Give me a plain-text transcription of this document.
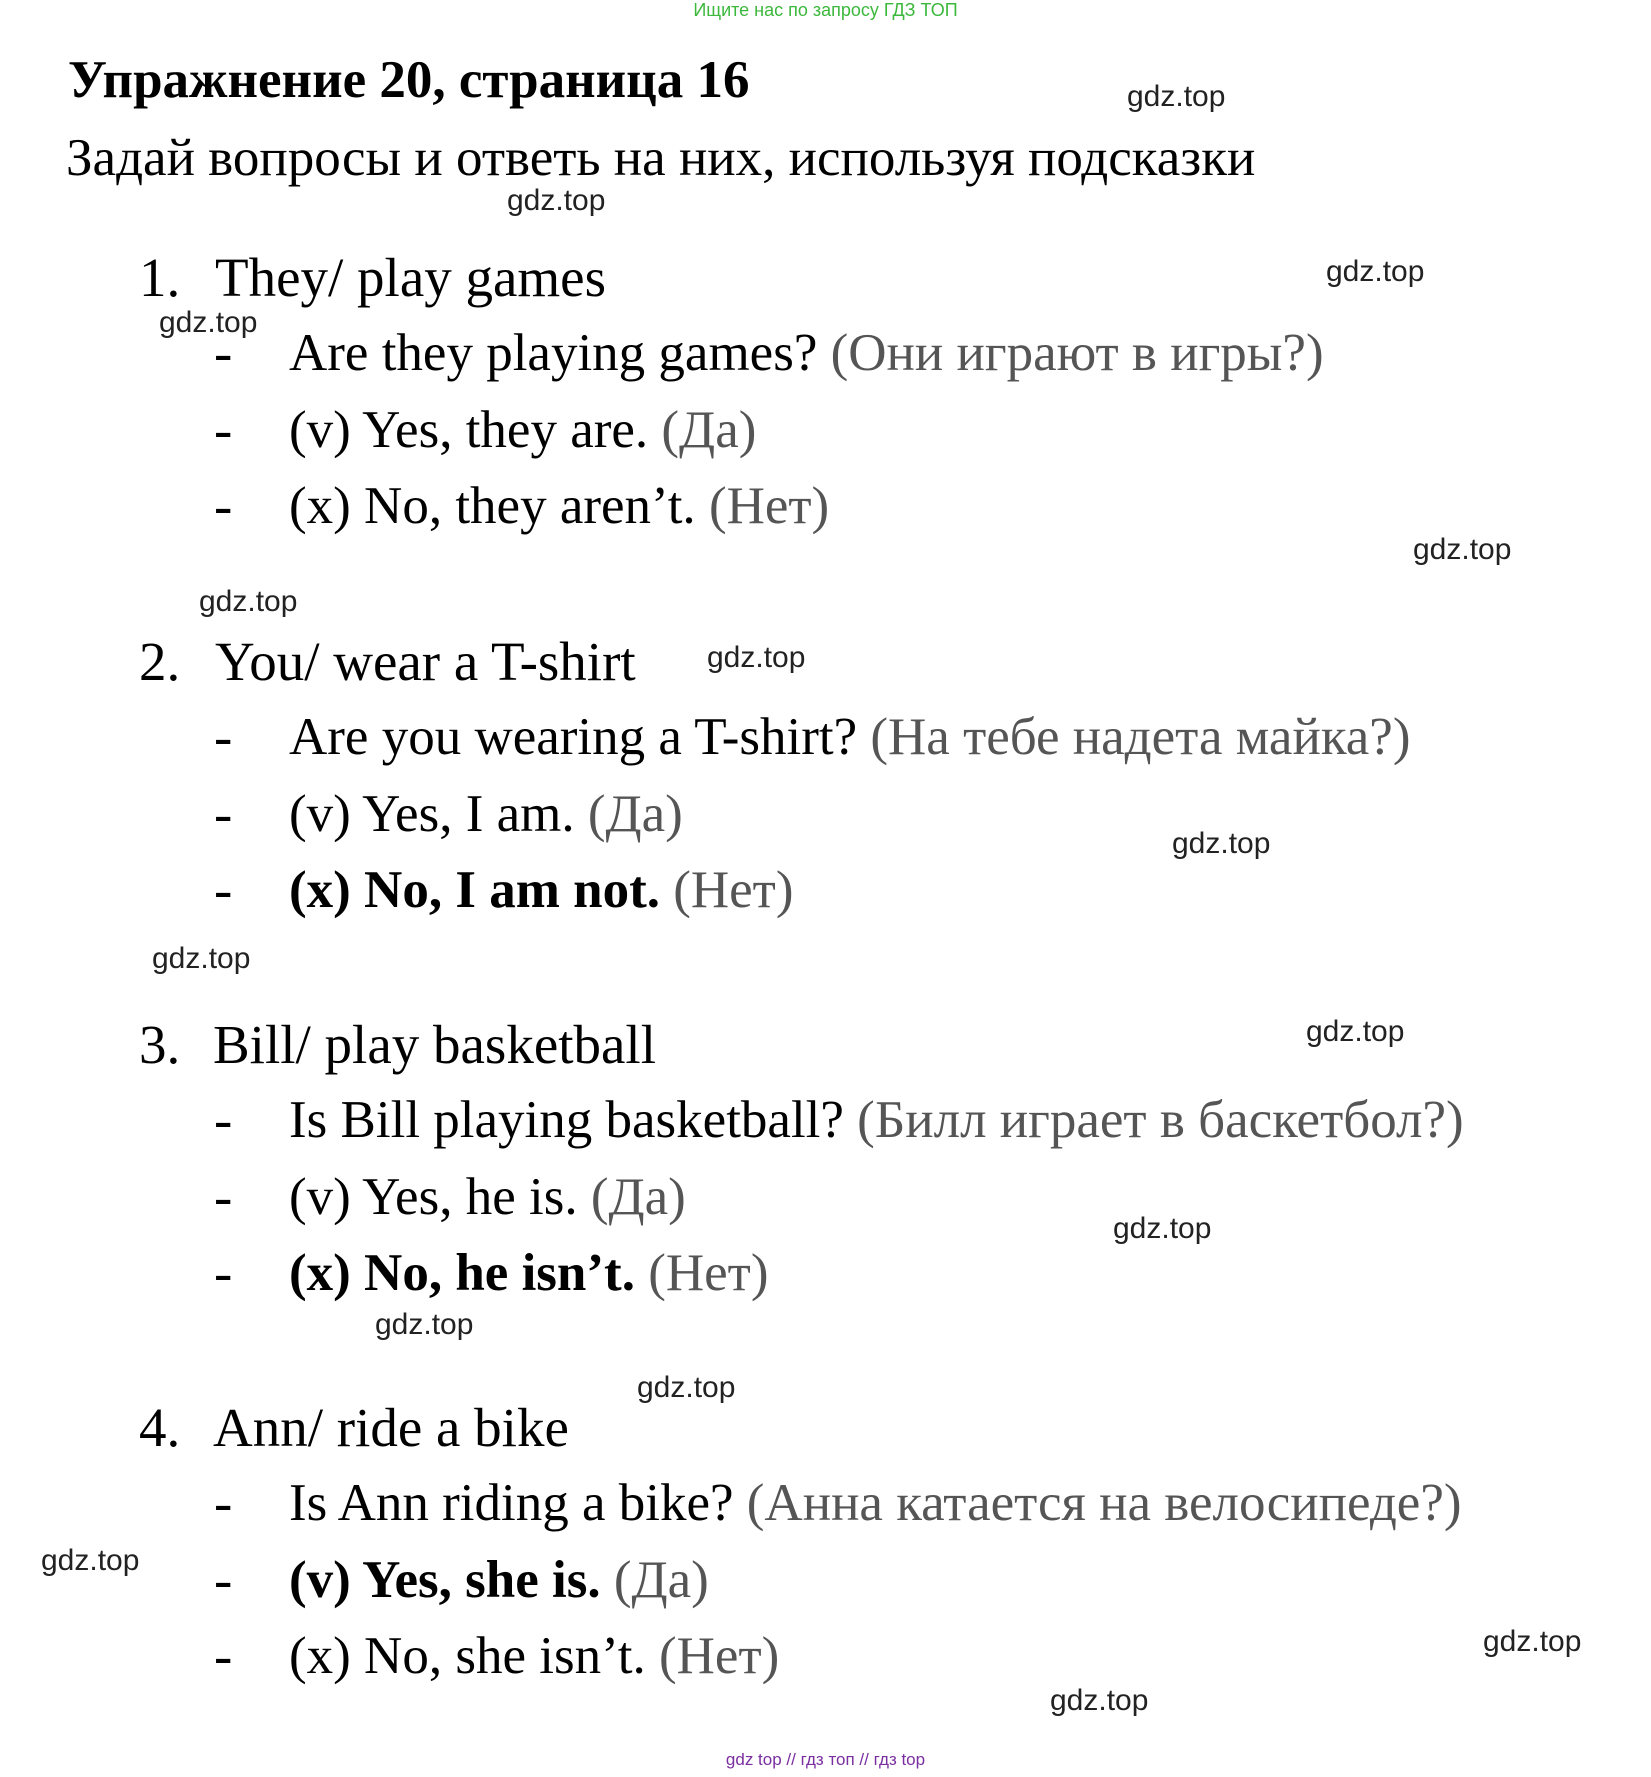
Ищите нас по запросу ГДЗ ТОП
Упражнение 20, страница 16
Задай вопросы и ответь на них, используя подсказки
gdz.top
gdz.top
gdz.top
gdz.top
gdz.top
gdz.top
gdz.top
gdz.top
gdz.top
gdz.top
gdz.top
gdz.top
gdz.top
gdz.top
gdz.top
gdz.top
1. They/ play games
- Are they playing games? (Они играют в игры?)
- (v) Yes, they are. (Да)
- (x) No, they aren’t. (Нет)
2. You/ wear a T-shirt
- Are you wearing a T-shirt? (На тебе надета майка?)
- (v) Yes, I am. (Да)
- (x) No, I am not. (Нет)
3. Bill/ play basketball
- Is Bill playing basketball? (Билл играет в баскетбол?)
- (v) Yes, he is. (Да)
- (x) No, he isn’t. (Нет)
4. Ann/ ride a bike
- Is Ann riding a bike? (Анна катается на велосипеде?)
- (v) Yes, she is. (Да)
- (x) No, she isn’t. (Нет)
gdz top // гдз топ // гдз top
